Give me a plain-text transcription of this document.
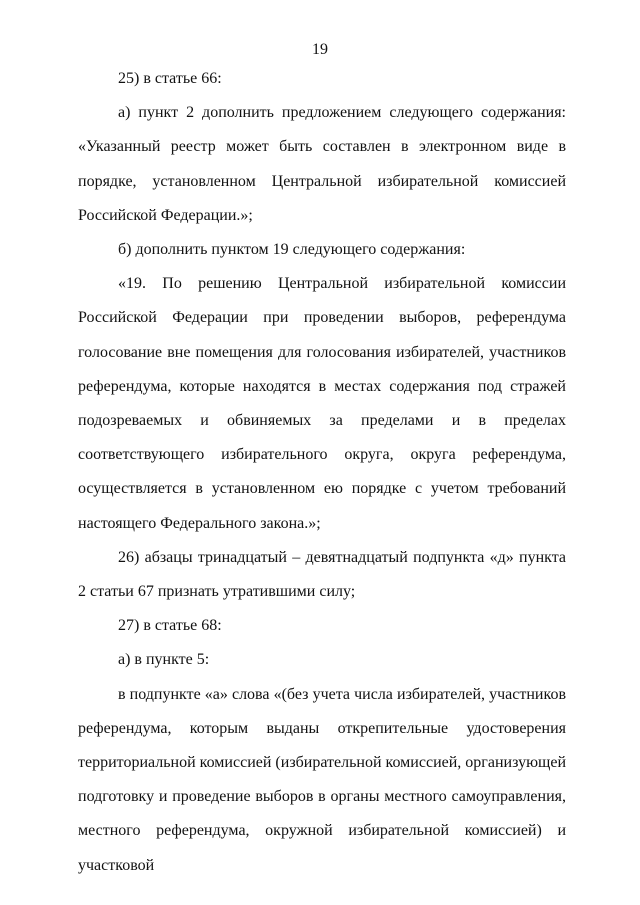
19

25) в статье 66:

а) пункт 2 дополнить предложением следующего содержания: «Указанный реестр может быть составлен в электронном виде в порядке, установленном Центральной избирательной комиссией Российской Федерации.»;

б) дополнить пунктом 19 следующего содержания:

«19. По решению Центральной избирательной комиссии Российской Федерации при проведении выборов, референдума голосование вне помещения для голосования избирателей, участников референдума, которые находятся в местах содержания под стражей подозреваемых и обвиняемых за пределами и в пределах соответствующего избирательного округа, округа референдума, осуществляется в установленном ею порядке с учетом требований настоящего Федерального закона.»;

26) абзацы тринадцатый – девятнадцатый подпункта «д» пункта 2 статьи 67 признать утратившими силу;

27) в статье 68:

а) в пункте 5:

в подпункте «а» слова «(без учета числа избирателей, участников референдума, которым выданы открепительные удостоверения территориальной комиссией (избирательной комиссией, организующей подготовку и проведение выборов в органы местного самоуправления, местного референдума, окружной избирательной комиссией) и участковой
